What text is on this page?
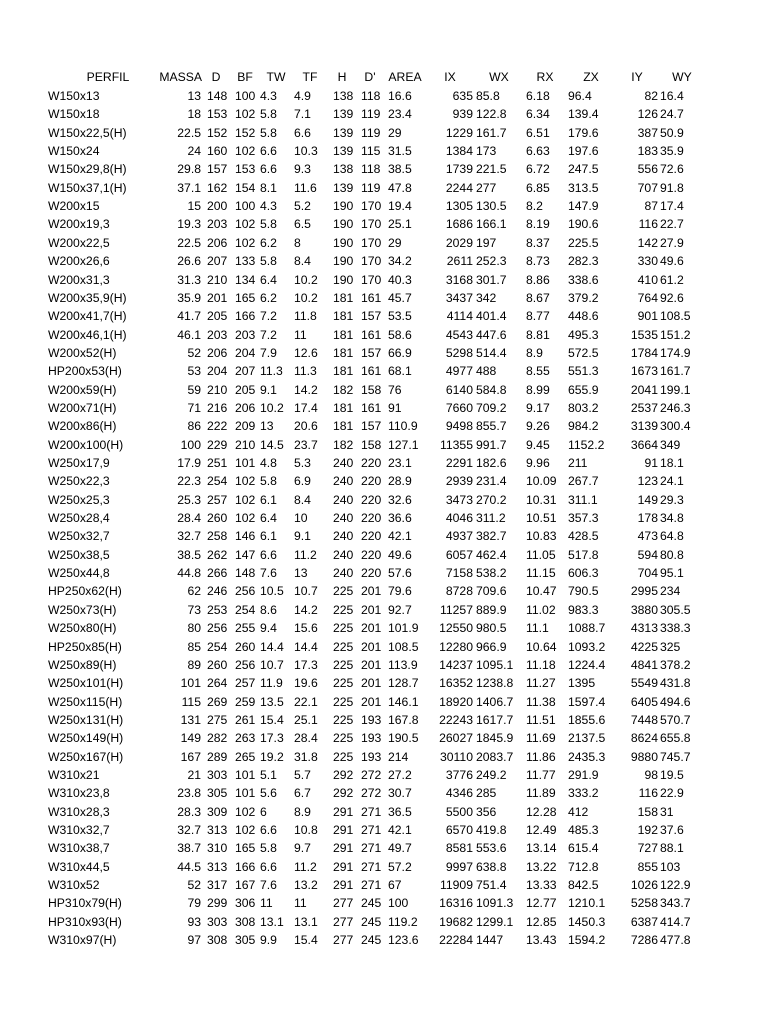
PERFIL	MASSA D	BF TW	TF	H	D'	AREA	IX	WX RX ZX	IY WY
W150x13	13 148 100 4.3 4.9 138 118 16.6	635 85.8 6.18 96.4	82 16.4
W150x18	18 153 102 5.8 7.1 139 119 23.4	939 122.8 6.34 139.4	126 24.7
W150x22,5(H)	22.5 152 152 5.8 6.6 139 119 29	1229 161.7 6.51 179.6	387 50.9
W150x24	24 160 102 6.6 10.3 139 115 31.5	1384 173 6.63 197.6	183 35.9
W150x29,8(H)	29.8 157 153 6.6 9.3 138 118 38.5	1739 221.5 6.72 247.5	556 72.6
W150x37,1(H)	37.1 162 154 8.1 11.6 139 119 47.8	2244 277 6.85 313.5	707 91.8
W200x15	15 200 100 4.3 5.2 190 170 19.4	1305 130.5 8.2 147.9	87 17.4
W200x19,3	19.3 203 102 5.8 6.5 190 170 25.1	1686 166.1 8.19 190.6	116 22.7
W200x22,5	22.5 206 102 6.2 8	190 170 29	2029 197 8.37 225.5	142 27.9
W200x26,6	26.6 207 133 5.8 8.4 190 170 34.2	2611 252.3 8.73 282.3	330 49.6
W200x31,3	31.3 210 134 6.4 10.2 190 170 40.3	3168 301.7 8.86 338.6	410 61.2
W200x35,9(H)	35.9 201 165 6.2 10.2 181 161 45.7	3437 342 8.67 379.2	764 92.6
W200x41,7(H)	41.7 205 166 7.2 11.8 181 157 53.5	4114 401.4 8.77 448.6	901 108.5
W200x46,1(H)	46.1 203 203 7.2 11 181 161 58.6	4543 447.6 8.81 495.3	1535 151.2
W200x52(H)	52 206 204 7.9 12.6 181 157 66.9	5298 514.4 8.9 572.5	1784 174.9
HP200x53(H)	53 204 207 11.3 11.3 181 161 68.1	4977 488 8.55 551.3	1673 161.7
W200x59(H)	59 210 205 9.1 14.2 182 158 76	6140 584.8 8.99 655.9	2041 199.1
W200x71(H)	71 216 206 10.2 17.4 181 161 91	7660 709.2 9.17 803.2	2537 246.3
W200x86(H)	86 222 209 13 20.6 181 157 110.9 9498 855.7 9.26 984.2	3139 300.4
W200x100(H)	100 229 210 14.5 23.7 182 158 127.1 11355 991.7 9.45 1152.2 3664 349
W250x17,9	17.9 251 101 4.8 5.3 240 220 23.1	2291 182.6 9.96 211	91 18.1
W250x22,3	22.3 254 102 5.8 6.9 240 220 28.9	2939 231.4 10.09 267.7	123 24.1
W250x25,3	25.3 257 102 6.1 8.4 240 220 32.6	3473 270.2 10.31 311.1	149 29.3
W250x28,4	28.4 260 102 6.4 10 240 220 36.6	4046 311.2 10.51 357.3	178 34.8
W250x32,7	32.7 258 146 6.1 9.1 240 220 42.1	4937 382.7 10.83 428.5	473 64.8
W250x38,5	38.5 262 147 6.6 11.2 240 220 49.6	6057 462.4 11.05 517.8	594 80.8
W250x44,8	44.8 266 148 7.6 13 240 220 57.6	7158 538.2 11.15 606.3	704 95.1
HP250x62(H)	62 246 256 10.5 10.7 225 201 79.6	8728 709.6 10.47 790.5	2995 234
W250x73(H)	73 253 254 8.6 14.2 225 201 92.7 11257 889.9 11.02 983.3	3880 305.5
W250x80(H)	80 256 255 9.4 15.6 225 201 101.9 12550 980.5 11.1 1088.7 4313 338.3
HP250x85(H)	85 254 260 14.4 14.4 225 201 108.5 12280 966.9 10.64 1093.2 4225 325
W250x89(H)	89 260 256 10.7 17.3 225 201 113.9 14237 1095.1 11.18 1224.4 4841 378.2
W250x101(H)	101 264 257 11.9 19.6 225 201 128.7 16352 1238.8 11.27 1395	5549 431.8
W250x115(H)	115 269 259 13.5 22.1 225 201 146.1 18920 1406.7 11.38 1597.4 6405 494.6
W250x131(H)	131 275 261 15.4 25.1 225 193 167.8 22243 1617.7 11.51 1855.6 7448 570.7
W250x149(H)	149 282 263 17.3 28.4 225 193 190.5 26027 1845.9 11.69 2137.5 8624 655.8
W250x167(H)	167 289 265 19.2 31.8 225 193 214	30110 2083.7 11.86 2435.3 9880 745.7
W310x21	21 303 101 5.1 5.7 292 272 27.2	3776 249.2 11.77 291.9	98 19.5
W310x23,8	23.8 305 101 5.6 6.7 292 272 30.7	4346 285 11.89 333.2	116 22.9
W310x28,3	28.3 309 102 6 8.9 291 271 36.5	5500 356 12.28 412	158 31
W310x32,7	32.7 313 102 6.6 10.8 291 271 42.1	6570 419.8 12.49 485.3	192 37.6
W310x38,7	38.7 310 165 5.8 9.7 291 271 49.7	8581 553.6 13.14 615.4	727 88.1
W310x44,5	44.5 313 166 6.6 11.2 291 271 57.2	9997 638.8 13.22 712.8	855 103
W310x52	52 317 167 7.6 13.2 291 271 67	11909 751.4 13.33 842.5	1026 122.9
HP310x79(H)	79 299 306 11 11 277 245 100	16316 1091.3 12.77 1210.1 5258 343.7
HP310x93(H)	93 303 308 13.1 13.1 277 245 119.2 19682 1299.1 12.85 1450.3 6387 414.7
W310x97(H)	97 308 305 9.9 15.4 277 245 123.6 22284 1447 13.43 1594.2 7286 477.8
